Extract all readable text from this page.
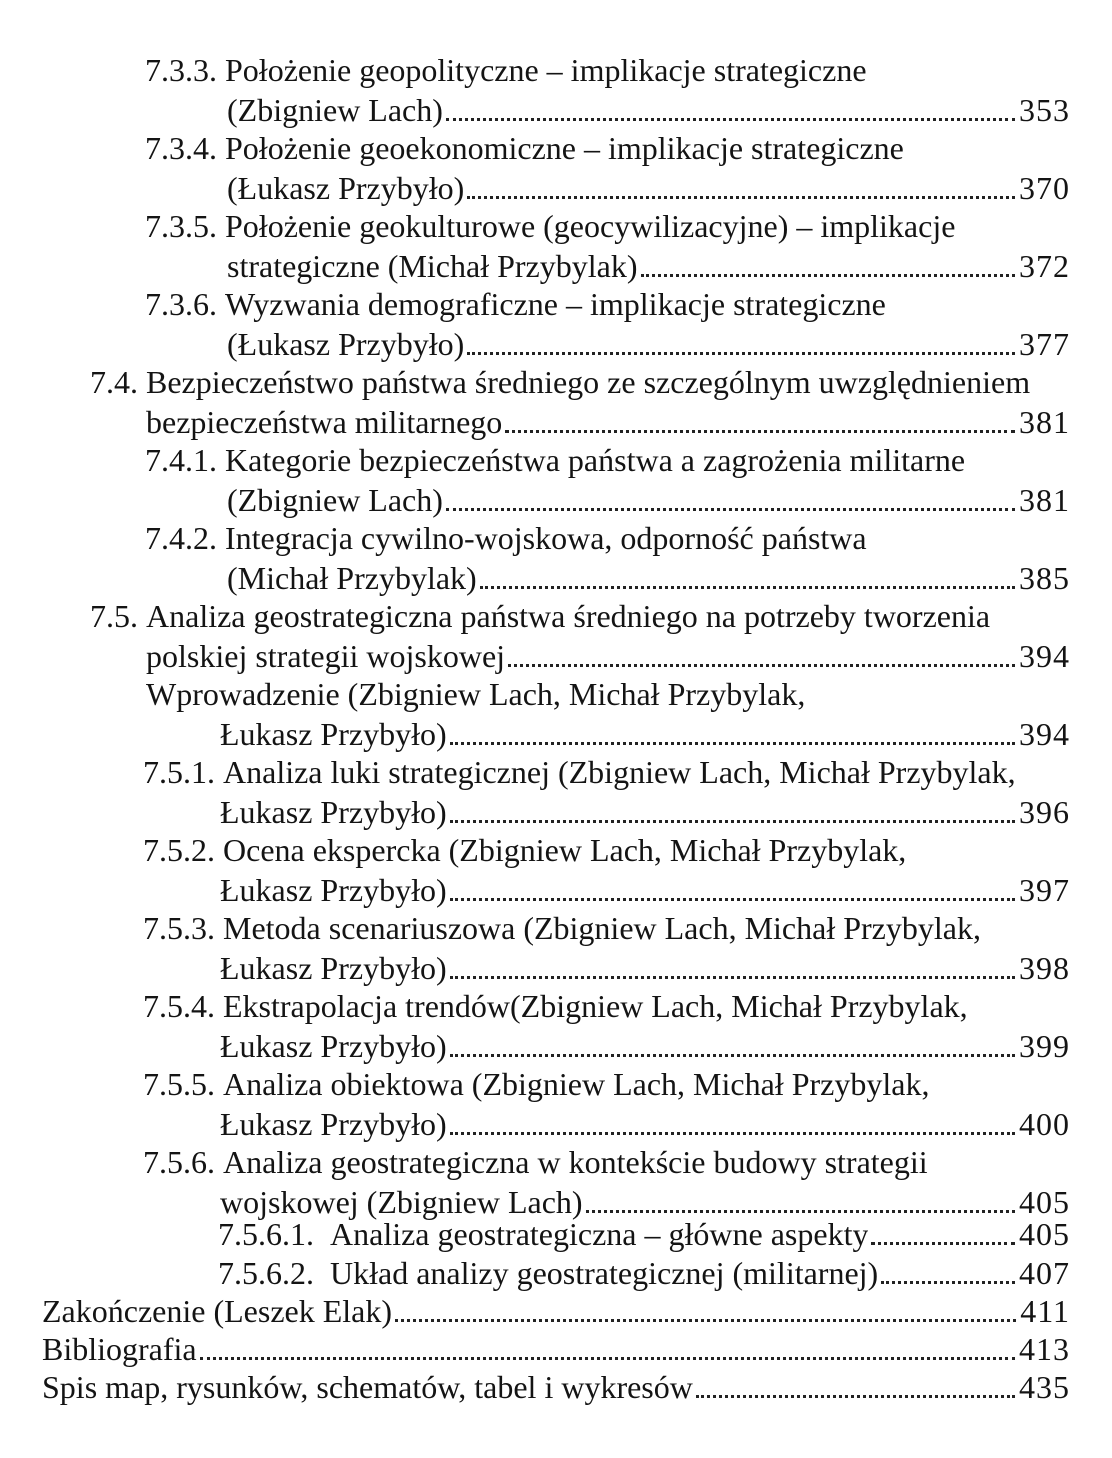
7.3.3.
Położenie geopolityczne – implikacje strategiczne
(Zbigniew Lach)	353
7.3.4.
Położenie geoekonomiczne – implikacje strategiczne
(Łukasz Przybyło)	370
7.3.5.
Położenie geokulturowe (geocywilizacyjne) – implikacje
strategiczne (Michał Przybylak)	372
7.3.6.
Wyzwania demograficzne – implikacje strategiczne
(Łukasz Przybyło)	377
7.4.
Bezpieczeństwo państwa średniego ze szczególnym uwzględnieniem
bezpieczeństwa militarnego	381
7.4.1.
Kategorie bezpieczeństwa państwa a zagrożenia militarne
(Zbigniew Lach)	381
7.4.2.
Integracja cywilno-wojskowa, odporność państwa
(Michał Przybylak)	385
7.5.
Analiza geostrategiczna państwa średniego na potrzeby tworzenia
polskiej strategii wojskowej	394
Wprowadzenie (Zbigniew Lach, Michał Przybylak,
Łukasz Przybyło)	394
7.5.1.
Analiza luki strategicznej (Zbigniew Lach, Michał Przybylak,
Łukasz Przybyło)	396
7.5.2.
Ocena ekspercka (Zbigniew Lach, Michał Przybylak,
Łukasz Przybyło)	397
7.5.3.
Metoda scenariuszowa (Zbigniew Lach, Michał Przybylak,
Łukasz Przybyło)	398
7.5.4.
Ekstrapolacja trendów(Zbigniew Lach, Michał Przybylak,
Łukasz Przybyło)	399
7.5.5.
Analiza obiektowa (Zbigniew Lach, Michał Przybylak,
Łukasz Przybyło)	400
7.5.6.
Analiza geostrategiczna w kontekście budowy strategii
wojskowej (Zbigniew Lach)	405
7.5.6.1. Analiza geostrategiczna – główne aspekty	405
7.5.6.2. Układ analizy geostrategicznej (militarnej)	407
Zakończenie (Leszek Elak)	411
Bibliografia	413
Spis map, rysunków, schematów, tabel i wykresów	435
